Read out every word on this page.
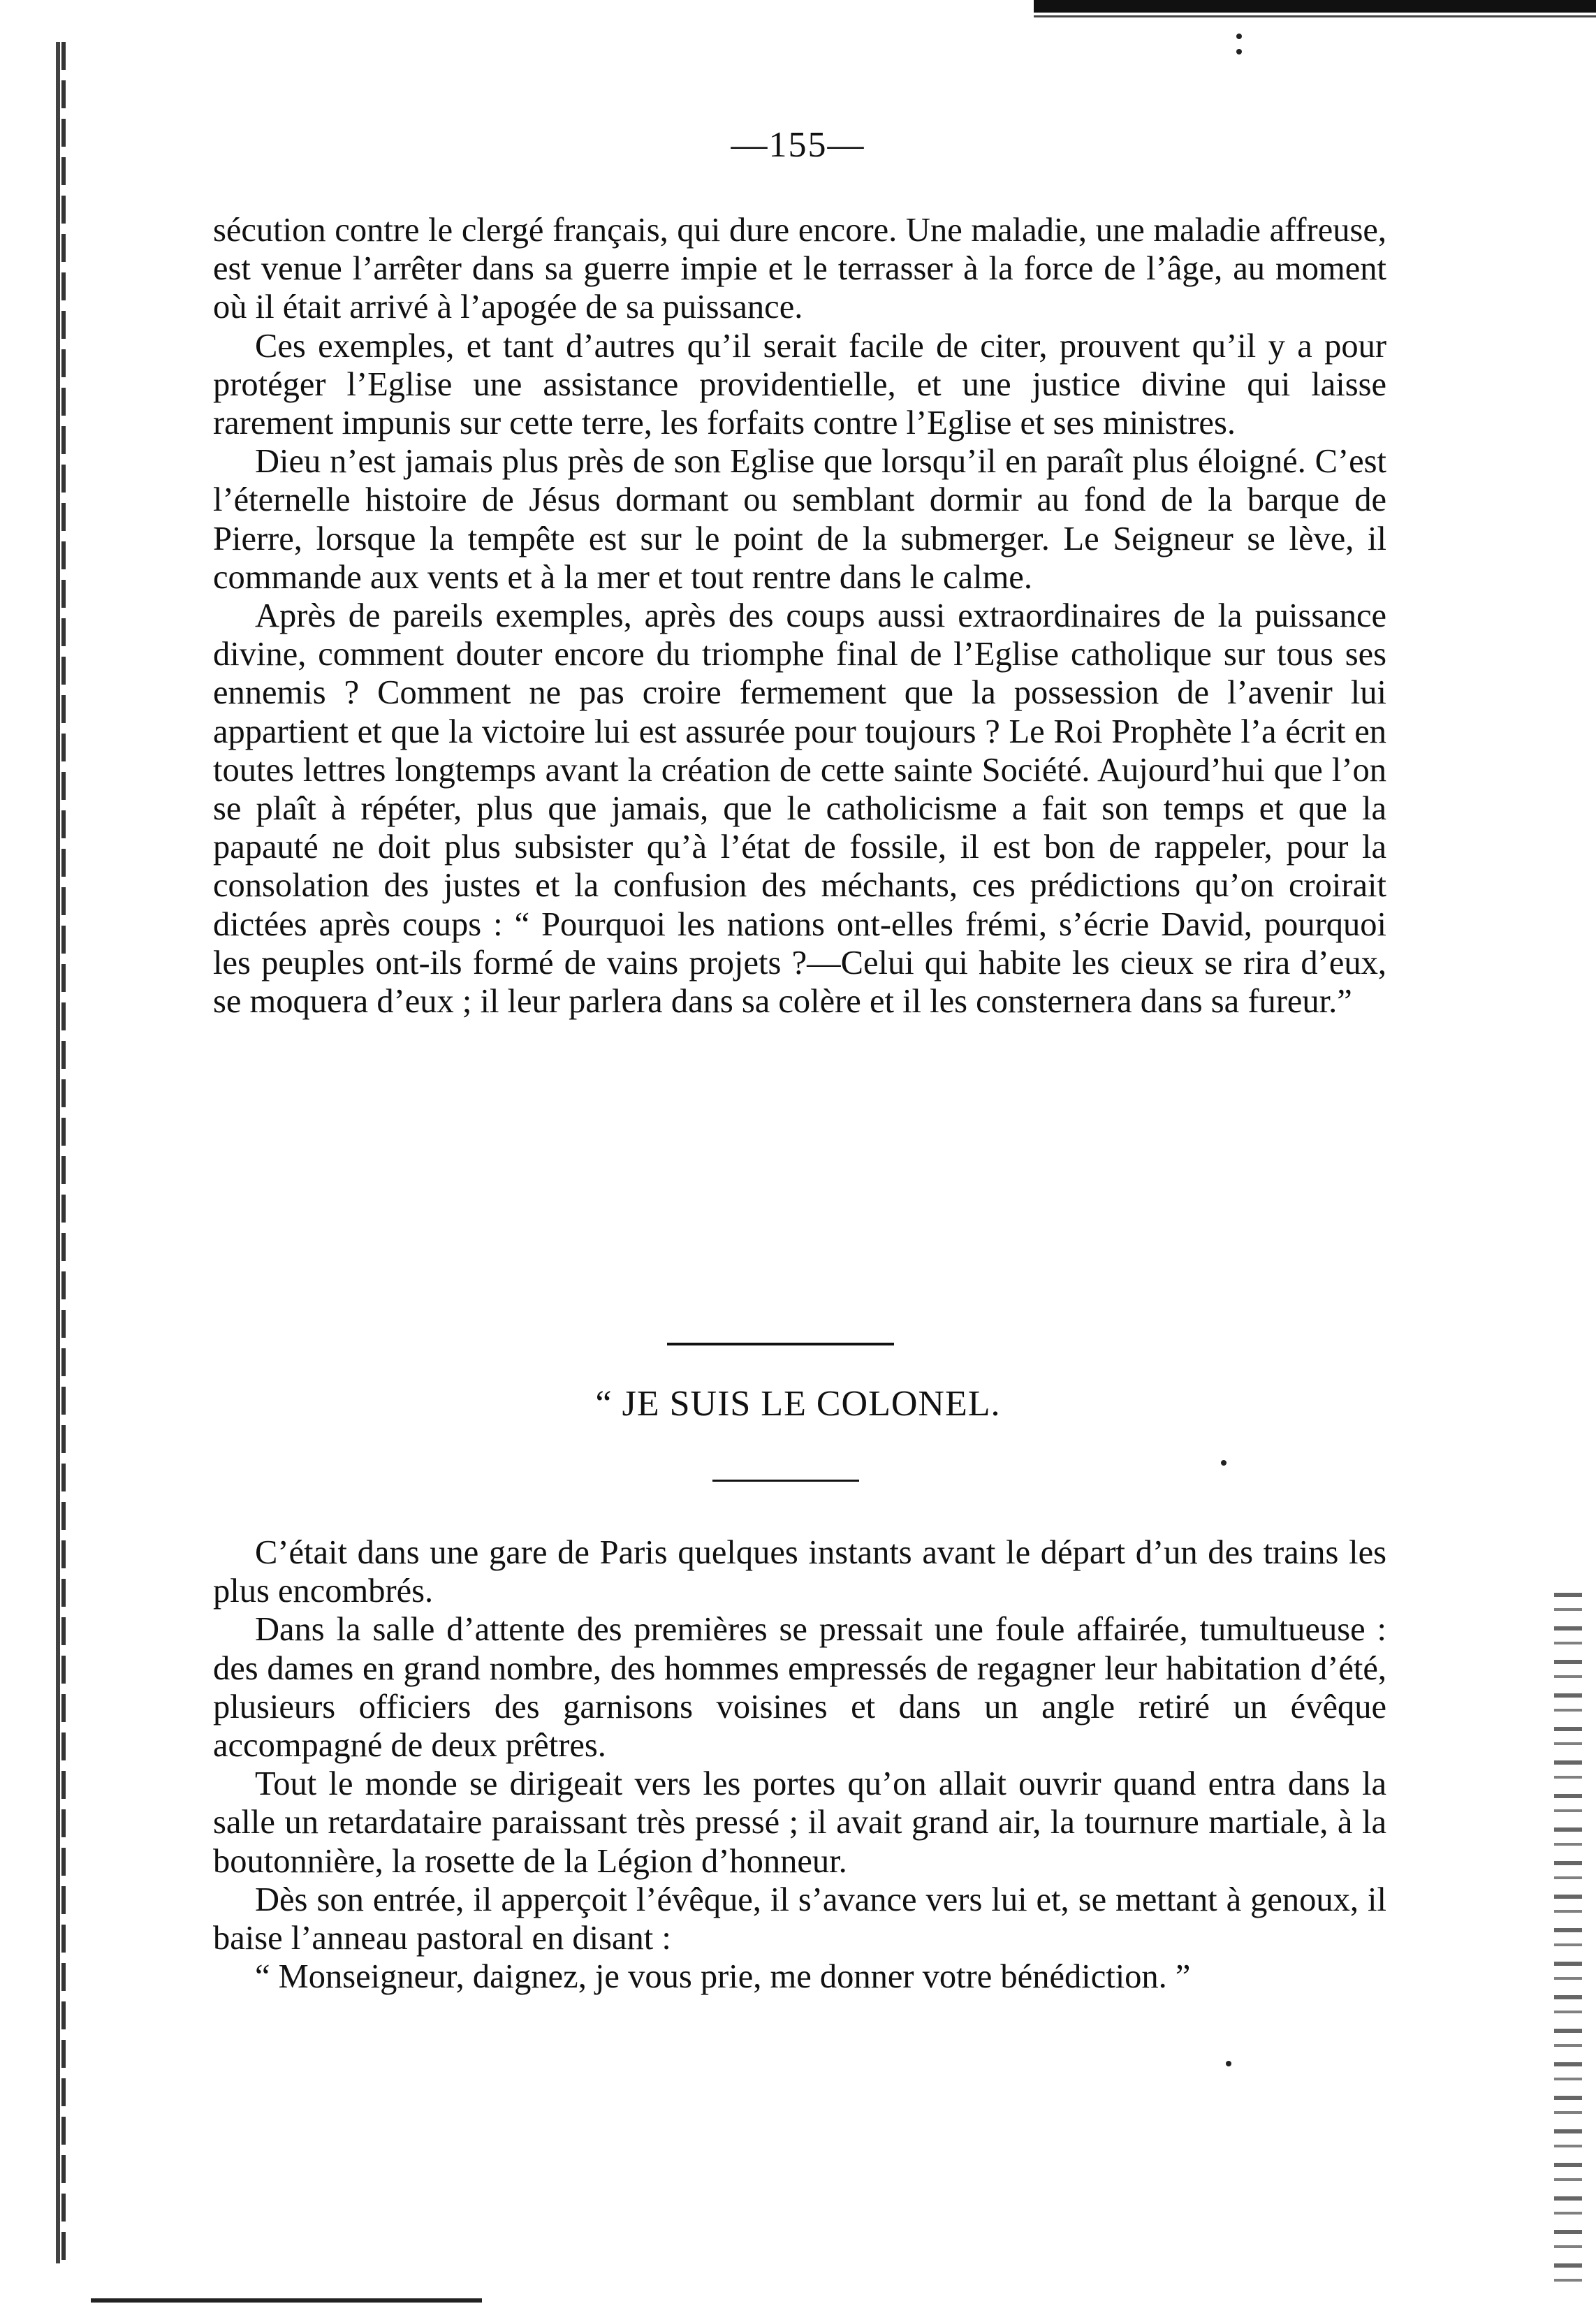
—155—

sécution contre le clergé français, qui dure encore. Une maladie, une maladie affreuse, est venue l’arrêter dans sa guerre impie et le terrasser à la force de l’âge, au moment où il était arrivé à l’apogée de sa puissance.

Ces exemples, et tant d’autres qu’il serait facile de citer, prouvent qu’il y a pour protéger l’Eglise une assistance providentielle, et une justice divine qui laisse rarement impunis sur cette terre, les forfaits contre l’Eglise et ses ministres.

Dieu n’est jamais plus près de son Eglise que lorsqu’il en paraît plus éloigné. C’est l’éternelle histoire de Jésus dormant ou semblant dormir au fond de la barque de Pierre, lorsque la tempête est sur le point de la submerger. Le Seigneur se lève, il commande aux vents et à la mer et tout rentre dans le calme.

Après de pareils exemples, après des coups aussi extraordinaires de la puissance divine, comment douter encore du triomphe final de l’Eglise catholique sur tous ses ennemis ? Comment ne pas croire fermement que la possession de l’avenir lui appartient et que la victoire lui est assurée pour toujours ? Le Roi Prophète l’a écrit en toutes lettres longtemps avant la création de cette sainte Société. Aujourd’hui que l’on se plaît à répéter, plus que jamais, que le catholicisme a fait son temps et que la papauté ne doit plus subsister qu’à l’état de fossile, il est bon de rappeler, pour la consolation des justes et la confusion des méchants, ces prédictions qu’on croirait dictées après coups : “ Pourquoi les nations ont-elles frémi, s’écrie David, pourquoi les peuples ont-ils formé de vains projets ?—Celui qui habite les cieux se rira d’eux, se moquera d’eux ; il leur parlera dans sa colère et il les consternera dans sa fureur.”

“ JE SUIS LE COLONEL.

C’était dans une gare de Paris quelques instants avant le départ d’un des trains les plus encombrés.

Dans la salle d’attente des premières se pressait une foule affairée, tumultueuse : des dames en grand nombre, des hommes empressés de regagner leur habitation d’été, plusieurs officiers des garnisons voisines et dans un angle retiré un évêque accompagné de deux prêtres.

Tout le monde se dirigeait vers les portes qu’on allait ouvrir quand entra dans la salle un retardataire paraissant très pressé ; il avait grand air, la tournure martiale, à la boutonnière, la rosette de la Légion d’honneur.

Dès son entrée, il apperçoit l’évêque, il s’avance vers lui et, se mettant à genoux, il baise l’anneau pastoral en disant :

“ Monseigneur, daignez, je vous prie, me donner votre bénédiction. ”
